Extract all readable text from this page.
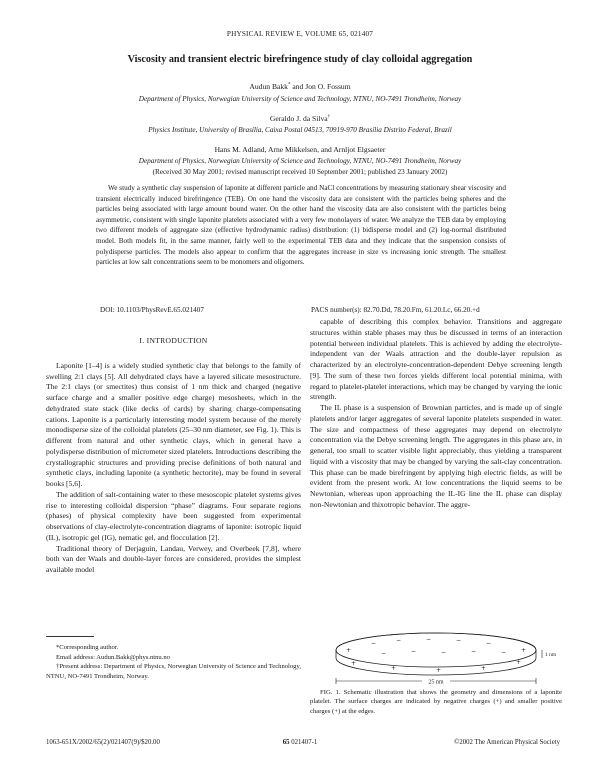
PHYSICAL REVIEW E, VOLUME 65, 021407
Viscosity and transient electric birefringence study of clay colloidal aggregation
Audun Bakk* and Jon O. Fossum
Department of Physics, Norwegian University of Science and Technology, NTNU, NO-7491 Trondheim, Norway
Geraldo J. da Silva†
Physics Institute, University of Brasília, Caixa Postal 04513, 70919-970 Brasília Distrito Federal, Brazil
Hans M. Adland, Arne Mikkelsen, and Arnljot Elgsaeter
Department of Physics, Norwegian University of Science and Technology, NTNU, NO-7491 Trondheim, Norway
(Received 30 May 2001; revised manuscript received 10 September 2001; published 23 January 2002)
We study a synthetic clay suspension of laponite at different particle and NaCl concentrations by measuring stationary shear viscosity and transient electrically induced birefringence (TEB). On one hand the viscosity data are consistent with the particles being spheres and the particles being associated with large amount bound water. On the other hand the viscosity data are also consistent with the particles being asymmetric, consistent with single laponite platelets associated with a very few monolayers of water. We analyze the TEB data by employing two different models of aggregate size (effective hydrodynamic radius) distribution: (1) bidisperse model and (2) log-normal distributed model. Both models fit, in the same manner, fairly well to the experimental TEB data and they indicate that the suspension consists of polydisperse particles. The models also appear to confirm that the aggregates increase in size vs increasing ionic strength. The smallest particles at low salt concentrations seem to be monomers and oligomers.
DOI: 10.1103/PhysRevE.65.021407	PACS number(s): 82.70.Dd, 78.20.Fm, 61.20.Lc, 66.20.+d
I. INTRODUCTION

Laponite [1–4] is a widely studied synthetic clay that belongs to the family of swelling 2:1 clays [5]. All dehydrated clays have a layered silicate mesostructure. The 2:1 clays (or smectites) thus consist of 1 nm thick and charged (negative surface charge and a smaller positive edge charge) mesosheets, which in the dehydrated state stack (like decks of cards) by sharing charge-compensating cations. Laponite is a particularly interesting model system because of the merely monodisperse size of the colloidal platelets (25–30 nm diameter, see Fig. 1). This is different from natural and other synthetic clays, which in general have a polydisperse distribution of micrometer sized platelets. Introductions describing the crystallographic structures and providing precise definitions of both natural and synthetic clays, including laponite (a synthetic hectorite), may be found in several books [5,6].

The addition of salt-containing water to these mesoscopic platelet systems gives rise to interesting colloidal dispersion “phase” diagrams. Four separate regions (phases) of physical complexity have been suggested from experimental observations of clay-electrolyte-concentration diagrams of laponite: isotropic liquid (IL), isotropic gel (IG), nematic gel, and flocculation [2].

Traditional theory of Derjaguin, Landau, Verwey, and Overbeek [7,8], where both van der Waals and double-layer forces are considered, provides the simplest available model

capable of describing this complex behavior. Transitions and aggregate structures within stable phases may thus be discussed in terms of an interaction potential between individual platelets. This is achieved by adding the electrolyte-independent van der Waals attraction and the double-layer repulsion as characterized by an electrolyte-concentration-dependent Debye screening length [9]. The sum of these two forces yields different local potential minima, with regard to platelet-platelet interactions, which may be changed by varying the ionic strength.

The IL phase is a suspension of Brownian particles, and is made up of single platelets and/or larger aggregates of several laponite platelets suspended in water. The size and compactness of these aggregates may depend on electrolyte concentration via the Debye screening length. The aggregates in this phase are, in general, too small to scatter visible light appreciably, thus yielding a transparent liquid with a viscosity that may be changed by varying the salt-clay concentration. This phase can be made birefringent by applying high electric fields, as will be evident from the present work. At low concentrations the liquid seems to be Newtonian, whereas upon approaching the IL-IG line the IL phase can display non-Newtonian and thixotropic behavior. The aggre-

*Corresponding author.

Email address: Audun.Bakk@phys.ntnu.no

†Present address: Department of Physics, Norwegian University of Science and Technology, NTNU, NO-7491 Trondheim, Norway.

−	−	−	−	−
−	−	−	−	−
+	+
+
+	+	+
+
1 nm
25 nm
FIG. 1. Schematic illustration that shows the geometry and dimensions of a laponite platelet. The surface charges are indicated by negative charges (+) and smaller positive charges (+) at the edges.
1063-651X/2002/65(2)/021407(9)/$20.00	65 021407-1	©2002 The American Physical Society
